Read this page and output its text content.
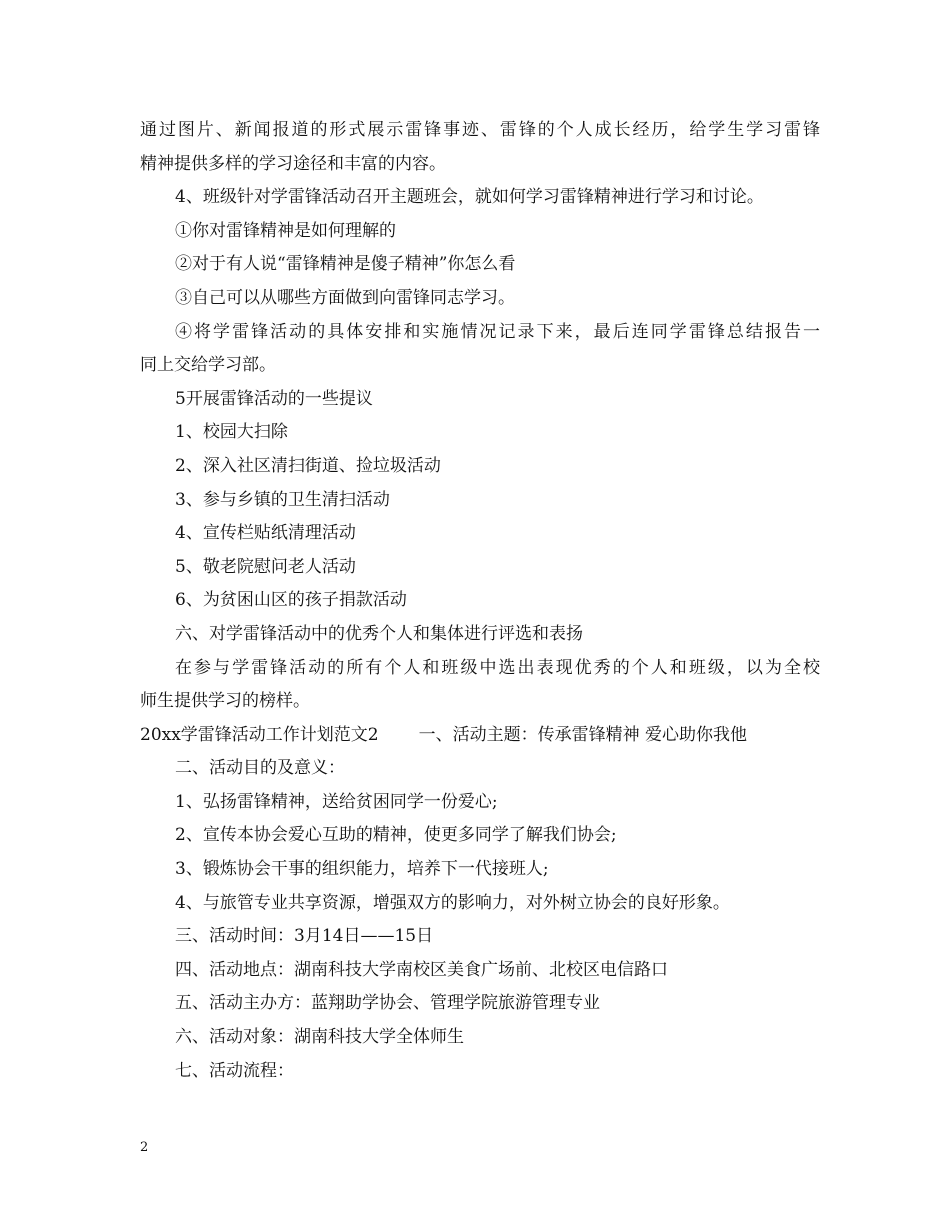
通过图片、新闻报道的形式展示雷锋事迹、雷锋的个人成长经历，给学生学习雷锋
精神提供多样的学习途径和丰富的内容。
4、班级针对学雷锋活动召开主题班会，就如何学习雷锋精神进行学习和讨论。
①你对雷锋精神是如何理解的
②对于有人说“雷锋精神是傻子精神”你怎么看
③自己可以从哪些方面做到向雷锋同志学习。
④将学雷锋活动的具体安排和实施情况记录下来，最后连同学雷锋总结报告一
同上交给学习部。
5开展雷锋活动的一些提议
1、校园大扫除
2、深入社区清扫街道、捡垃圾活动
3、参与乡镇的卫生清扫活动
4、宣传栏贴纸清理活动
5、敬老院慰问老人活动
6、为贫困山区的孩子捐款活动
六、对学雷锋活动中的优秀个人和集体进行评选和表扬
在参与学雷锋活动的所有个人和班级中选出表现优秀的个人和班级，以为全校
师生提供学习的榜样。
20xx学雷锋活动工作计划范文2 一、活动主题：传承雷锋精神 爱心助你我他
二、活动目的及意义：
1、弘扬雷锋精神，送给贫困同学一份爱心;
2、宣传本协会爱心互助的精神，使更多同学了解我们协会;
3、锻炼协会干事的组织能力，培养下一代接班人;
4、与旅管专业共享资源，增强双方的影响力，对外树立协会的良好形象。
三、活动时间：3月14日——15日
四、活动地点：湖南科技大学南校区美食广场前、北校区电信路口
五、活动主办方：蓝翔助学协会、管理学院旅游管理专业
六、活动对象：湖南科技大学全体师生
七、活动流程：
2
